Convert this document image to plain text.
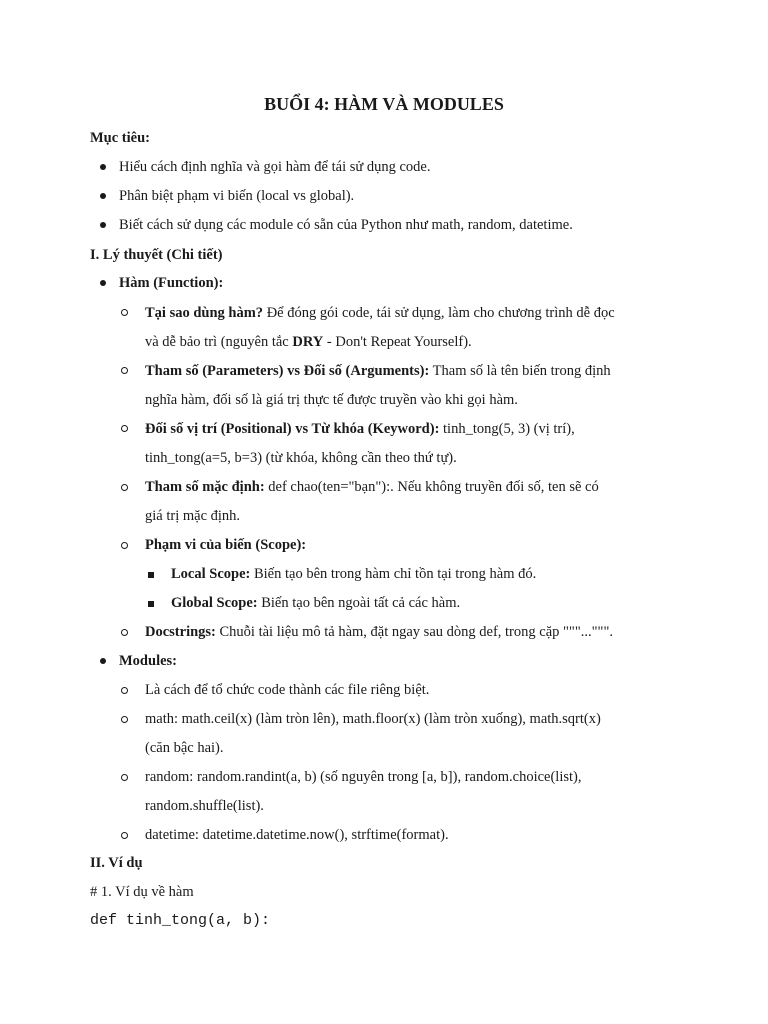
BUỔI 4: HÀM VÀ MODULES
Mục tiêu:
Hiểu cách định nghĩa và gọi hàm để tái sử dụng code.
Phân biệt phạm vi biến (local vs global).
Biết cách sử dụng các module có sẵn của Python như math, random, datetime.
I. Lý thuyết (Chi tiết)
Hàm (Function):
Tại sao dùng hàm? Để đóng gói code, tái sử dụng, làm cho chương trình dễ đọc
và dễ bảo trì (nguyên tắc DRY - Don't Repeat Yourself).
Tham số (Parameters) vs Đối số (Arguments): Tham số là tên biến trong định
nghĩa hàm, đối số là giá trị thực tế được truyền vào khi gọi hàm.
Đối số vị trí (Positional) vs Từ khóa (Keyword): tinh_tong(5, 3) (vị trí),
tinh_tong(a=5, b=3) (từ khóa, không cần theo thứ tự).
Tham số mặc định: def chao(ten="bạn"):. Nếu không truyền đối số, ten sẽ có
giá trị mặc định.
Phạm vi của biến (Scope):
Local Scope: Biến tạo bên trong hàm chỉ tồn tại trong hàm đó.
Global Scope: Biến tạo bên ngoài tất cả các hàm.
Docstrings: Chuỗi tài liệu mô tả hàm, đặt ngay sau dòng def, trong cặp """...""".
Modules:
Là cách để tổ chức code thành các file riêng biệt.
math: math.ceil(x) (làm tròn lên), math.floor(x) (làm tròn xuống), math.sqrt(x)
(căn bậc hai).
random: random.randint(a, b) (số nguyên trong [a, b]), random.choice(list),
random.shuffle(list).
datetime: datetime.datetime.now(), strftime(format).
II. Ví dụ
# 1. Ví dụ về hàm
def tinh_tong(a, b):
